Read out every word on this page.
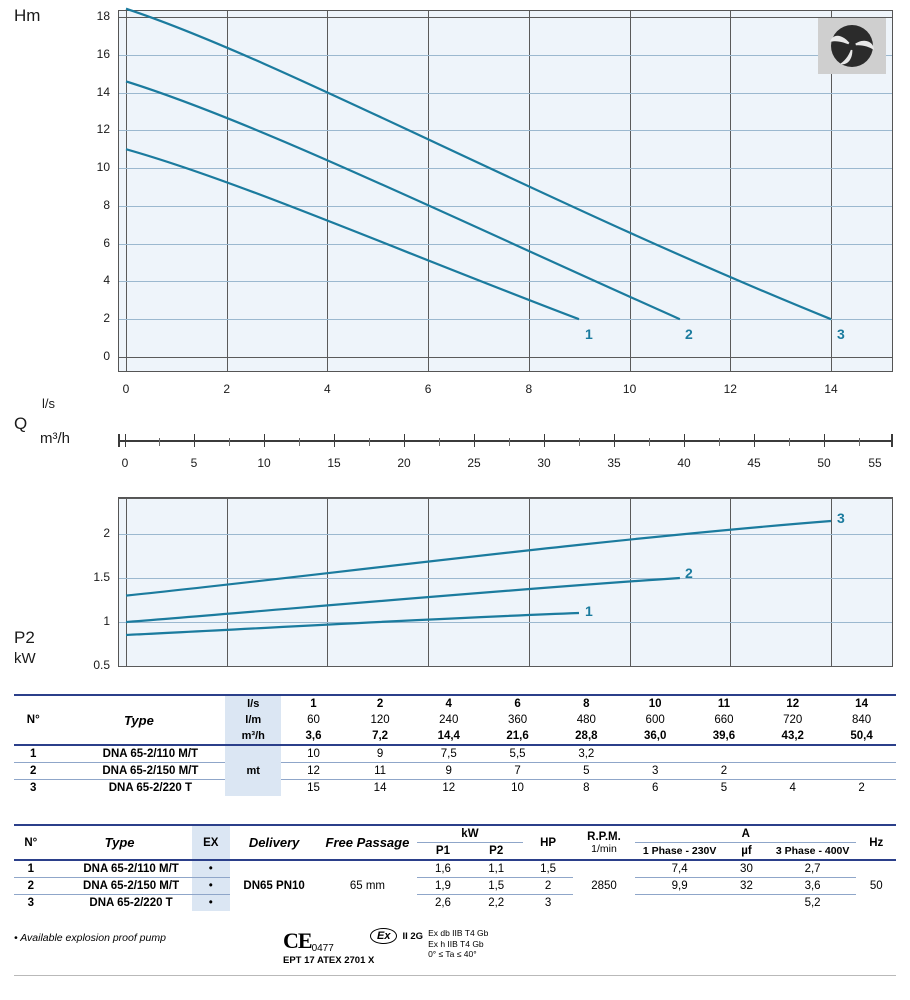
Hm
1	2	3
18
16
14
12
10
8
6
4
2
0
0	2	4	6	8	10	12	14
l/s
Q
m³/h
0	5	10	15	20	25	30	35	40	45	50	55
1
2
3
2
1.5
1
0.5
P2
kW
N°	Type	l/s	1	2	4	6	8	10	11	12	14
		l/m	60	120	240	360	480	600	660	720	840
		m³/h	3,6	7,2	14,4	21,6	28,8	36,0	39,6	43,2	50,4
1	DNA 65-2/110 M/T	mt	10	9	7,5	5,5	3,2				
2	DNA 65-2/150 M/T		12	11	9	7	5	3	2		
3	DNA 65-2/220 T		15	14	12	10	8	6	5	4	2
N°	Type	EX	Delivery	Free Passage	kW		HP	R.P.M.
1/min	A			Hz
					P1	P2			1 Phase - 230V	µf	3 Phase - 400V	
1	DNA 65-2/110 M/T	•	DN65 PN10	65 mm	1,6	1,1	1,5	2850	7,4	30	2,7	50
2	DNA 65-2/150 M/T	•			1,9	1,5	2		9,9	32	3,6	
3	DNA 65-2/220 T	•			2,6	2,2	3				5,2	
• Available explosion proof pump	CE0477
EPT 17 ATEX 2701 X
Ex	II 2G Ex db IIB T4 Gb
Ex h IIB T4 Gb
0° ≤ Ta ≤ 40°
